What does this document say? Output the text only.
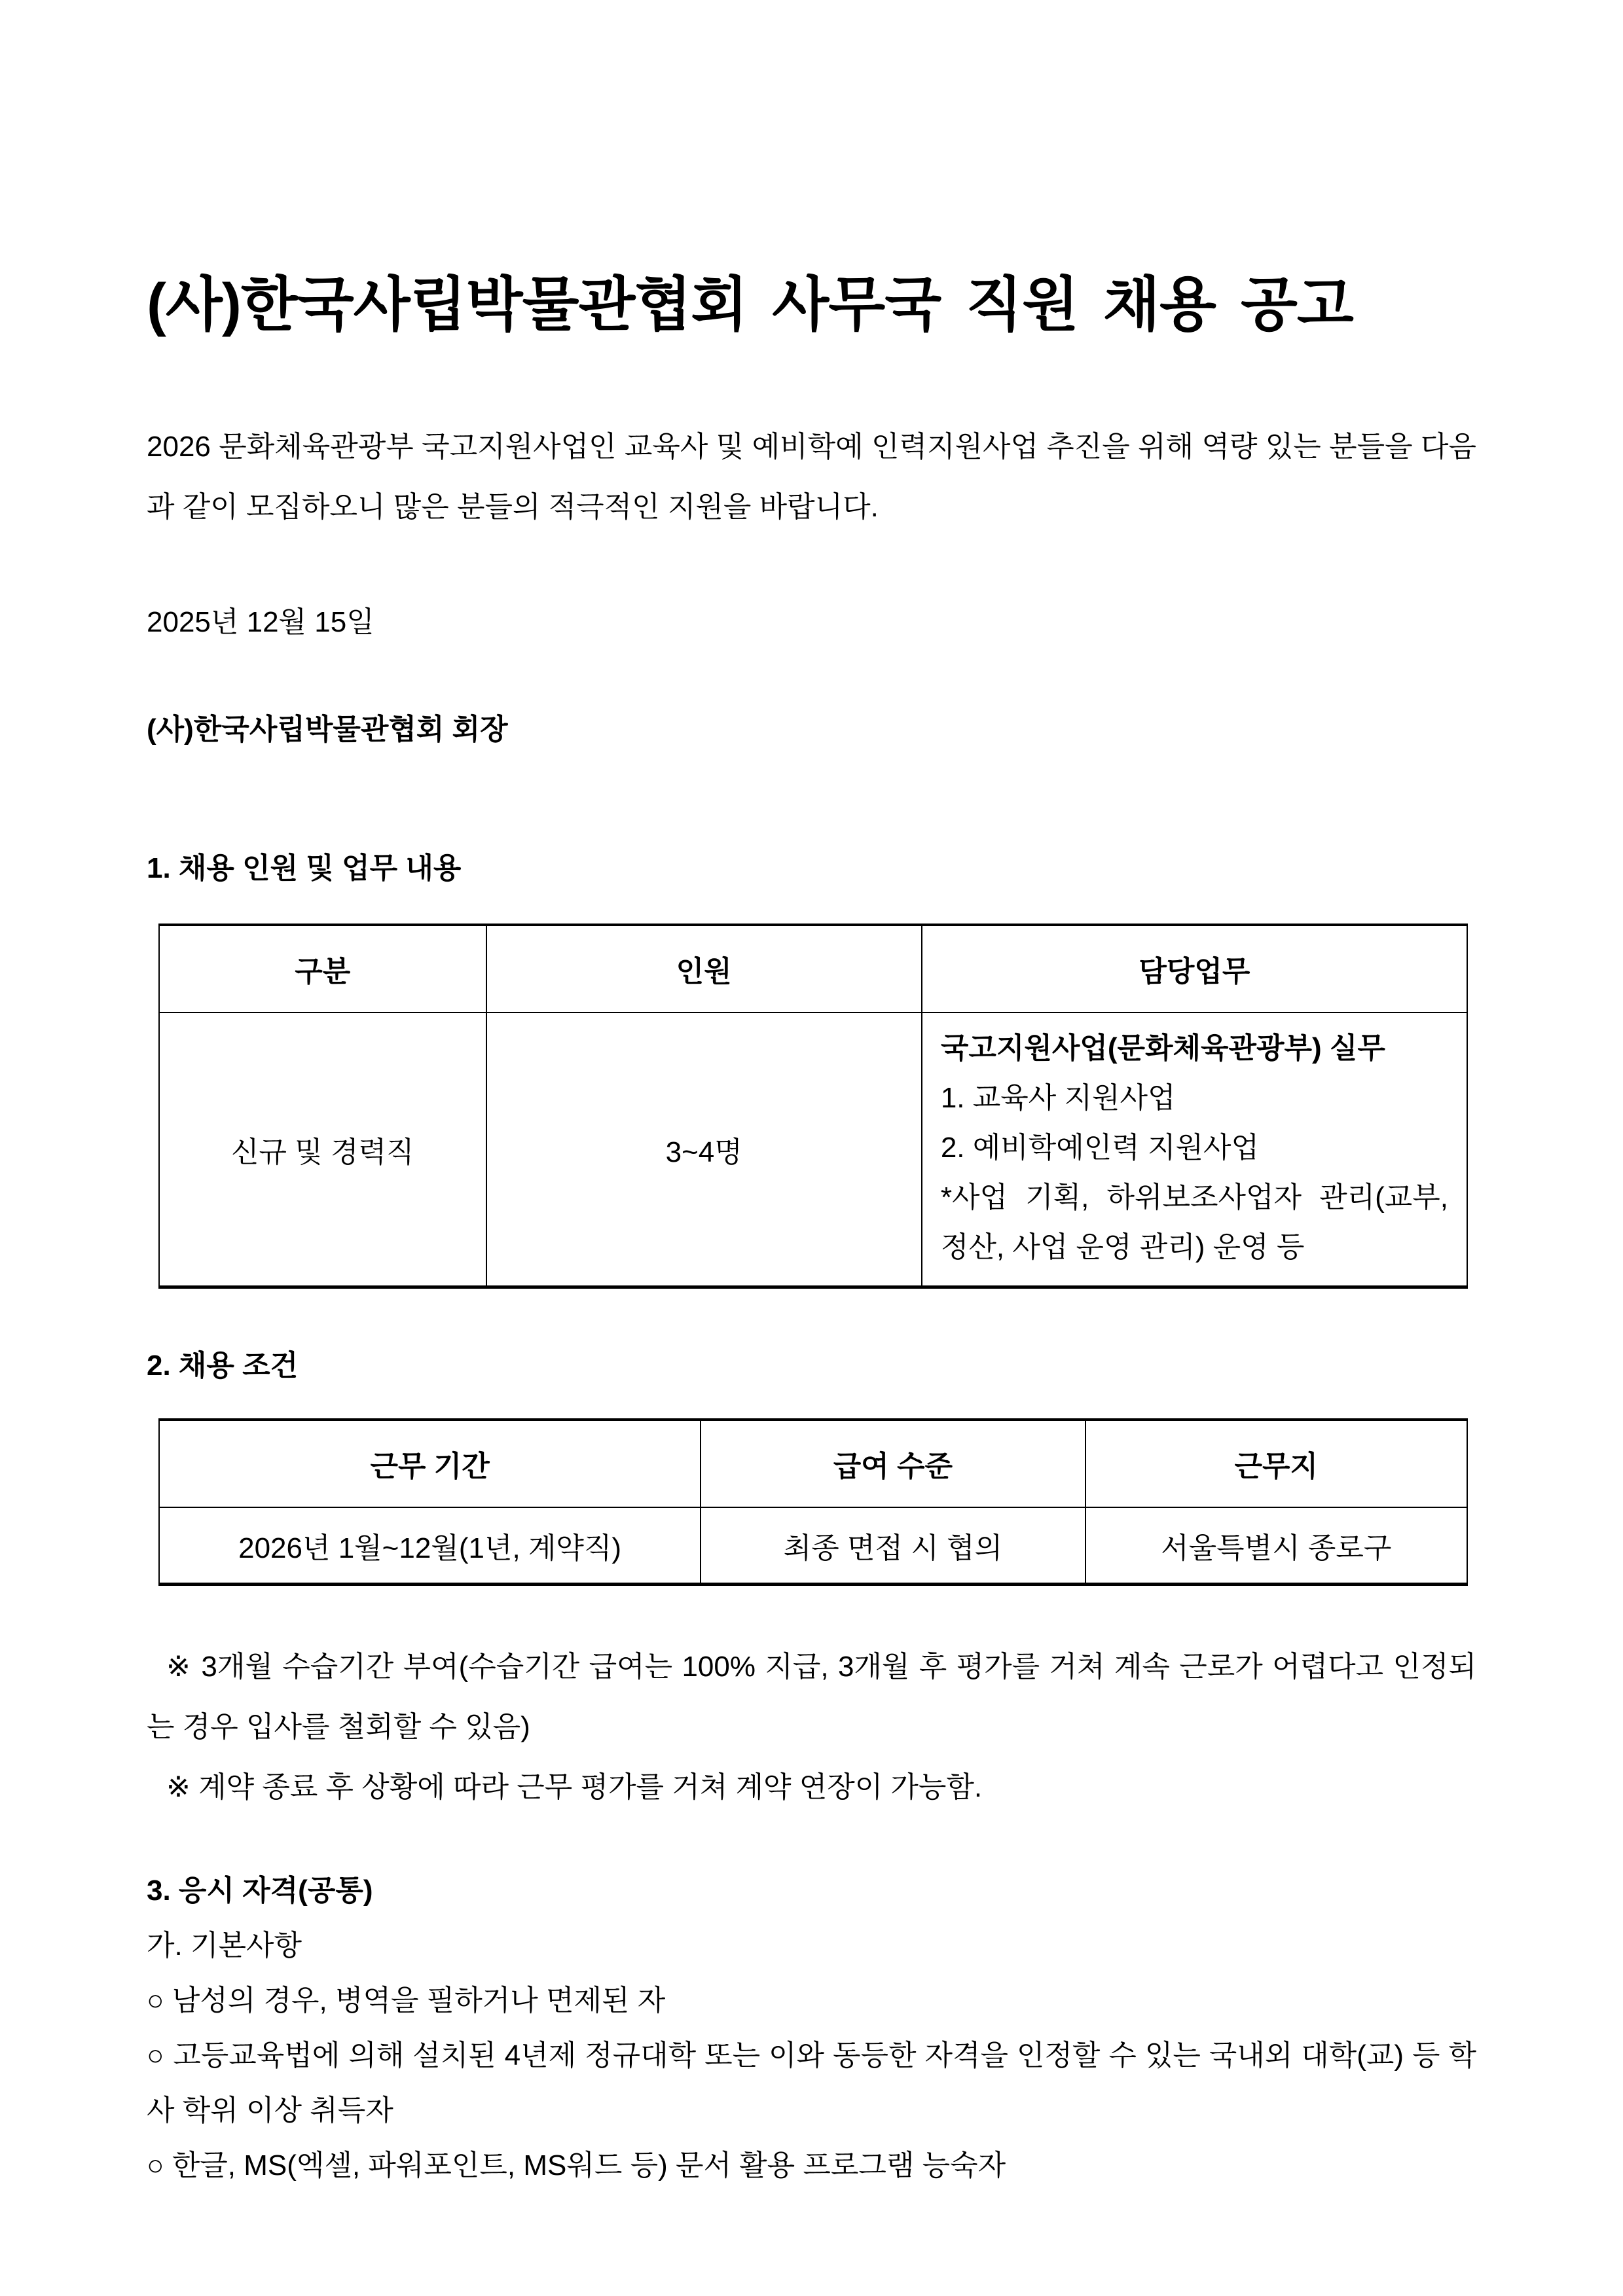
(사)한국사립박물관협회 사무국 직원 채용 공고

2026 문화체육관광부 국고지원사업인 교육사 및 예비학예 인력지원사업 추진을 위해 역량 있는 분들을 다음과 같이 모집하오니 많은 분들의 적극적인 지원을 바랍니다.

2025년 12월 15일

(사)한국사립박물관협회 회장

1. 채용 인원 및 업무 내용
구분	인원	담당업무
신규 및 경력직	3~4명	국고지원사업(문화체육관광부) 실무

1. 교육사 지원사업

2. 예비학예인력 지원사업

*사업 기획, 하위보조사업자 관리(교부, 정산, 사업 운영 관리) 운영 등

2. 채용 조건
근무 기간	급여 수준	근무지
2026년 1월~12월(1년, 계약직)	최종 면접 시 협의	서울특별시 종로구

※ 3개월 수습기간 부여(수습기간 급여는 100% 지급, 3개월 후 평가를 거쳐 계속 근로가 어렵다고 인정되는 경우 입사를 철회할 수 있음)

※ 계약 종료 후 상황에 따라 근무 평가를 거쳐 계약 연장이 가능함.

3. 응시 자격(공통)

가. 기본사항

○ 남성의 경우, 병역을 필하거나 면제된 자

○ 고등교육법에 의해 설치된 4년제 정규대학 또는 이와 동등한 자격을 인정할 수 있는 국내외 대학(교) 등 학사 학위 이상 취득자

○ 한글, MS(엑셀, 파워포인트, MS워드 등) 문서 활용 프로그램 능숙자
